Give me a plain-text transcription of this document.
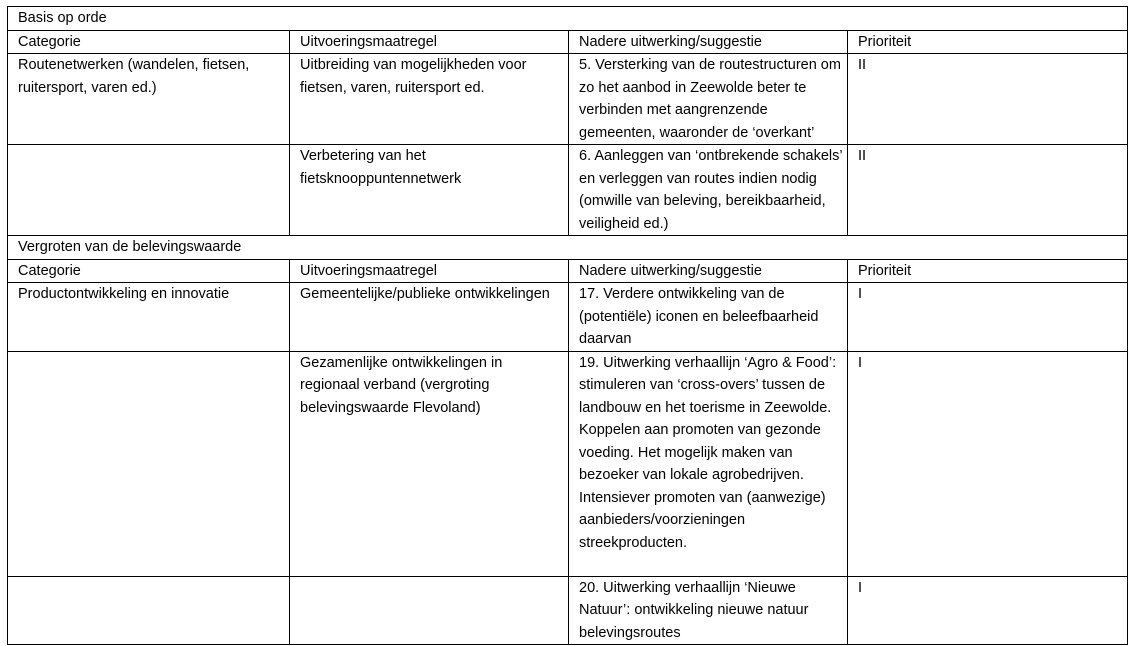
Basis op orde			
Categorie	Uitvoeringsmaatregel	Nadere uitwerking/suggestie	Prioriteit
Routenetwerken (wandelen, fietsen, ruitersport, varen ed.)	Uitbreiding van mogelijkheden voor fietsen, varen, ruitersport ed.	5. Versterking van de routestructuren om zo het aanbod in Zeewolde beter te verbinden met aangrenzende gemeenten, waaronder de ‘overkant’	II
	Verbetering van het fietsknooppuntennetwerk	6. Aanleggen van ‘ontbrekende schakels’ en verleggen van routes indien nodig (omwille van beleving, bereikbaarheid, veiligheid ed.)	II
Vergroten van de belevingswaarde			
Categorie	Uitvoeringsmaatregel	Nadere uitwerking/suggestie	Prioriteit
Productontwikkeling en innovatie	Gemeentelijke/publieke ontwikkelingen	17. Verdere ontwikkeling van de (potentiële) iconen en beleefbaarheid daarvan	I
	Gezamenlijke ontwikkelingen in regionaal verband (vergroting belevingswaarde Flevoland)	19. Uitwerking verhaallijn ‘Agro & Food’: stimuleren van ‘cross-overs’ tussen de landbouw en het toerisme in Zeewolde. Koppelen aan promoten van gezonde voeding. Het mogelijk maken van bezoeker van lokale agrobedrijven. Intensiever promoten van (aanwezige) aanbieders/voorzieningen streekproducten.	I
		20. Uitwerking verhaallijn ‘Nieuwe Natuur’: ontwikkeling nieuwe natuur belevingsroutes	I
